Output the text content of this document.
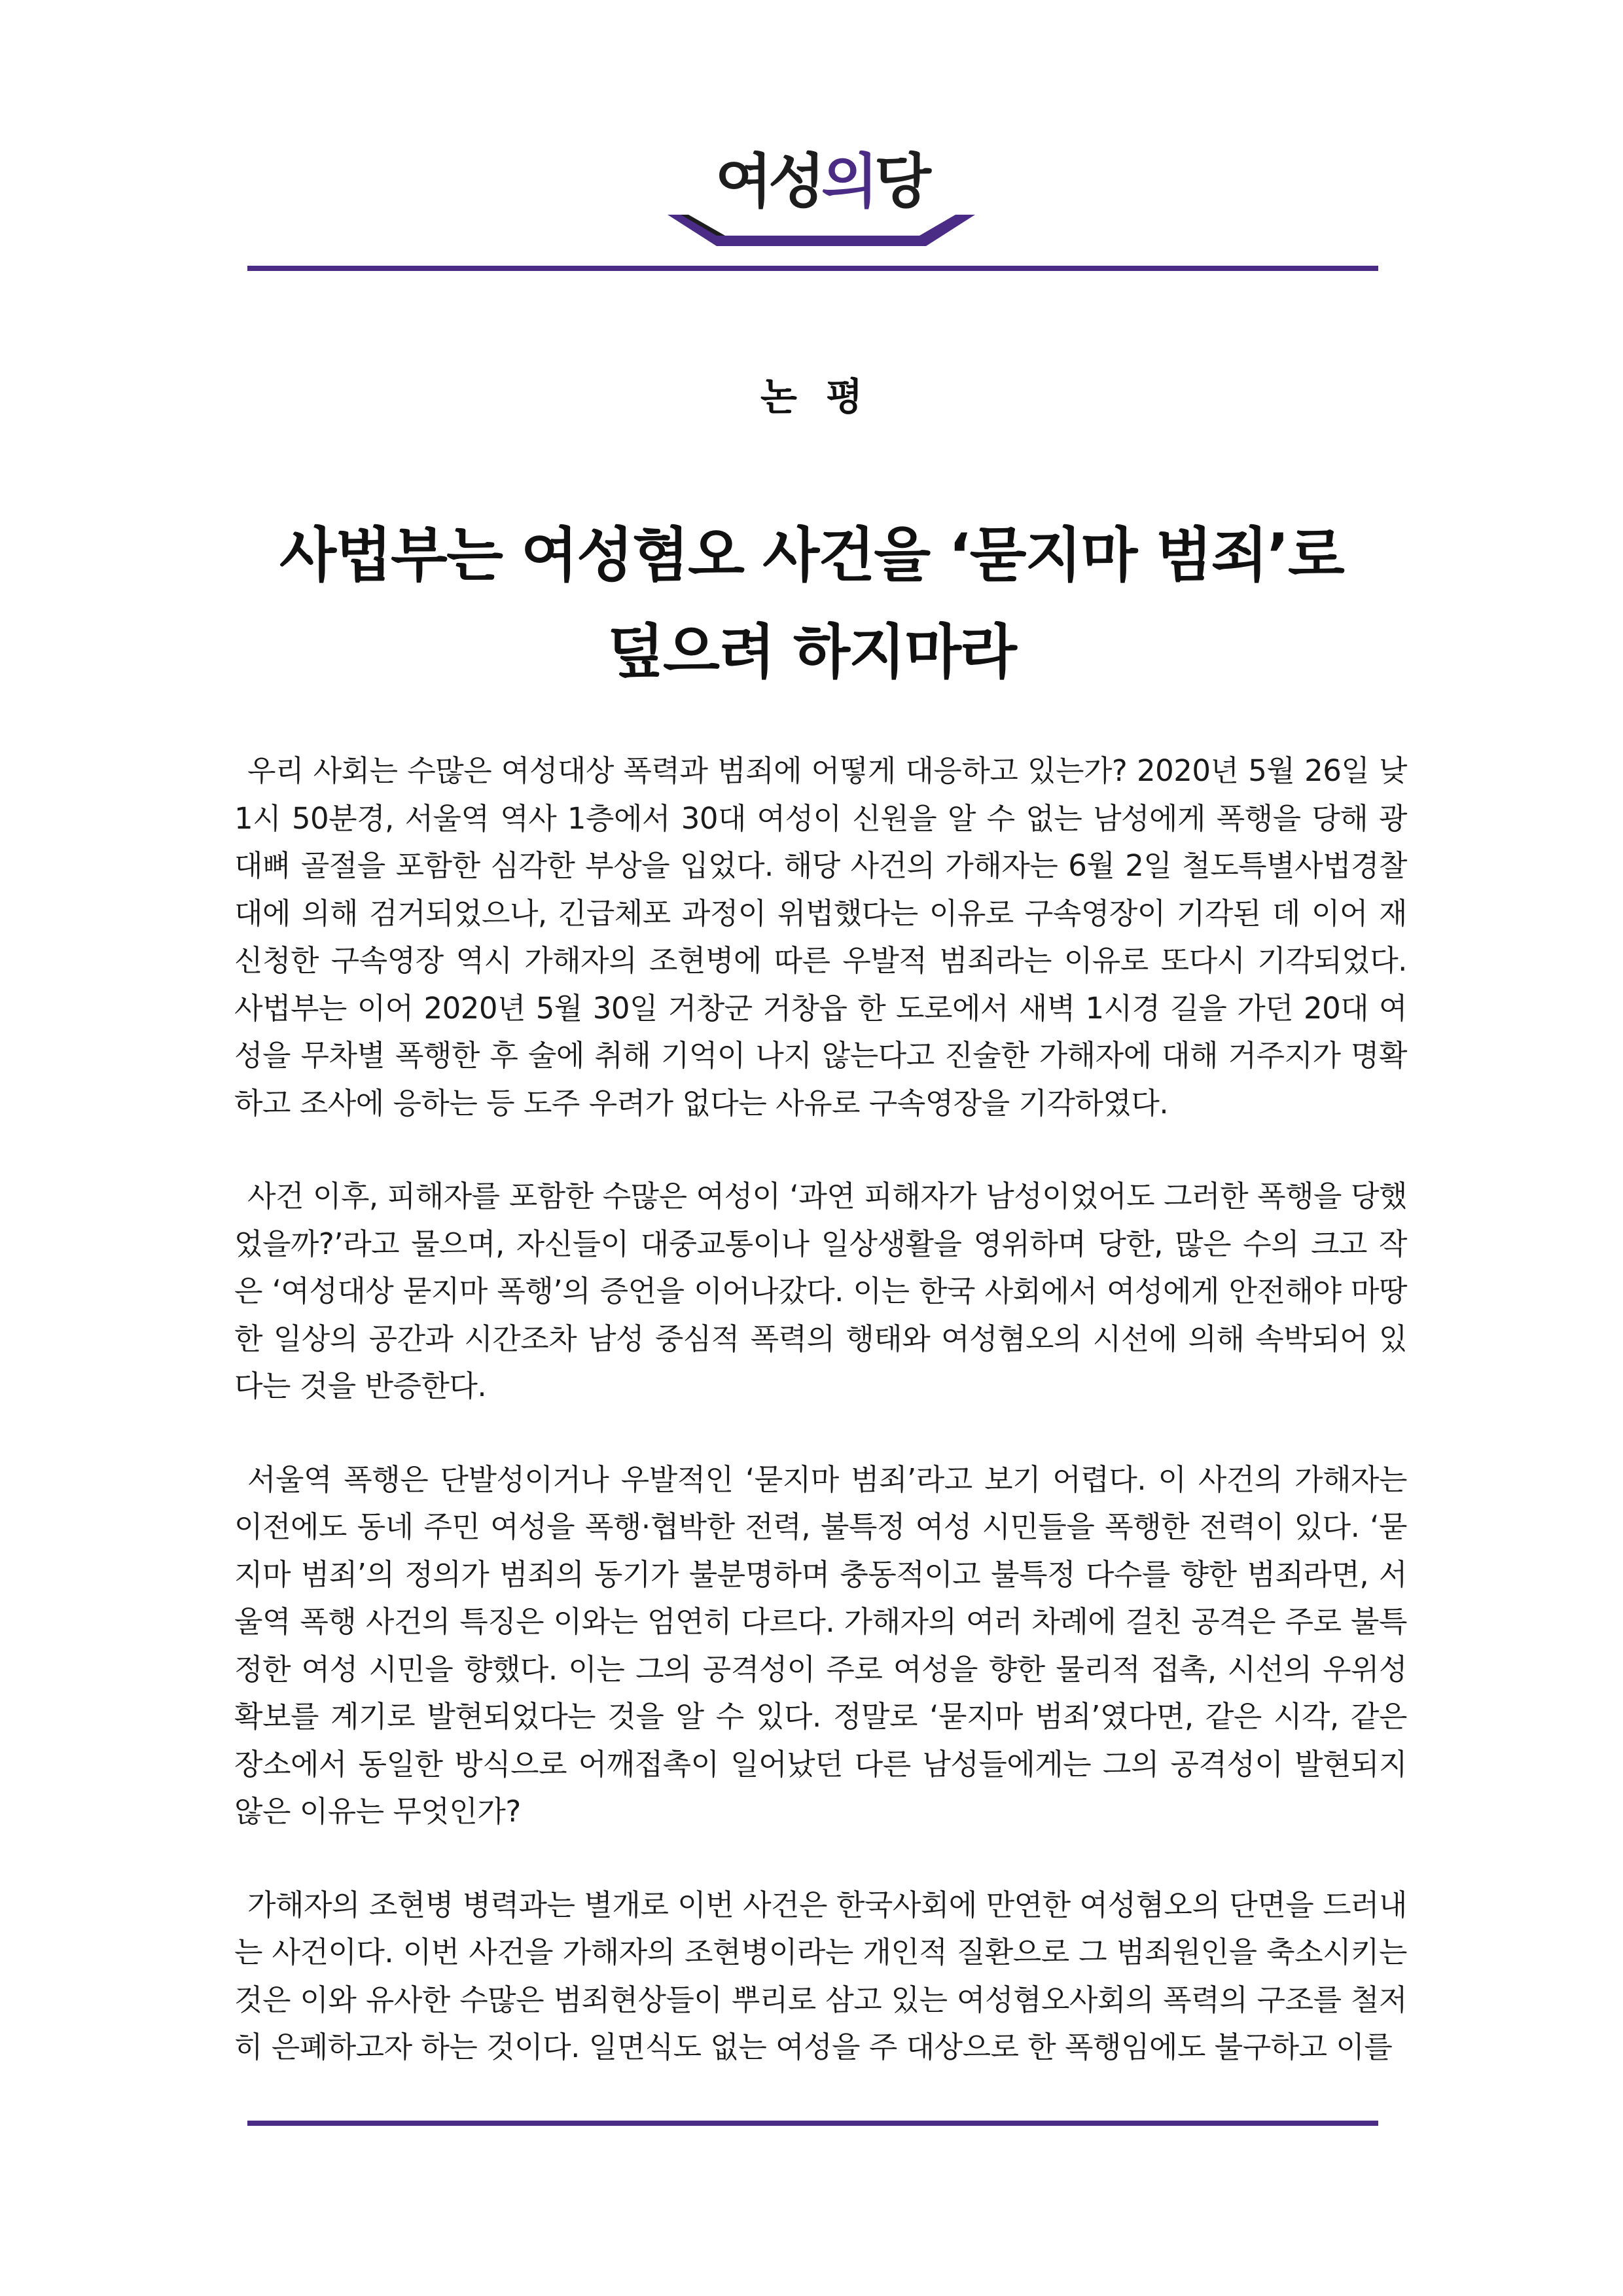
여성의당
논 평
사법부는 여성혐오 사건을 ‘묻지마 범죄’로
덮으려 하지마라

우리 사회는 수많은 여성대상 폭력과 범죄에 어떻게 대응하고 있는가? 2020년 5월 26일 낮 1시 50분경, 서울역 역사 1층에서 30대 여성이 신원을 알 수 없는 남성에게 폭행을 당해 광대뼈 골절을 포함한 심각한 부상을 입었다. 해당 사건의 가해자는 6월 2일 철도특별사법경찰대에 의해 검거되었으나, 긴급체포 과정이 위법했다는 이유로 구속영장이 기각된 데 이어 재신청한 구속영장 역시 가해자의 조현병에 따른 우발적 범죄라는 이유로 또다시 기각되었다. 사법부는 이어 2020년 5월 30일 거창군 거창읍 한 도로에서 새벽 1시경 길을 가던 20대 여성을 무차별 폭행한 후 술에 취해 기억이 나지 않는다고 진술한 가해자에 대해 거주지가 명확하고 조사에 응하는 등 도주 우려가 없다는 사유로 구속영장을 기각하였다.

사건 이후, 피해자를 포함한 수많은 여성이 ‘과연 피해자가 남성이었어도 그러한 폭행을 당했었을까?’라고 물으며, 자신들이 대중교통이나 일상생활을 영위하며 당한, 많은 수의 크고 작은 ‘여성대상 묻지마 폭행’의 증언을 이어나갔다. 이는 한국 사회에서 여성에게 안전해야 마땅한 일상의 공간과 시간조차 남성 중심적 폭력의 행태와 여성혐오의 시선에 의해 속박되어 있다는 것을 반증한다.

서울역 폭행은 단발성이거나 우발적인 ‘묻지마 범죄’라고 보기 어렵다. 이 사건의 가해자는 이전에도 동네 주민 여성을 폭행·협박한 전력, 불특정 여성 시민들을 폭행한 전력이 있다. ‘묻지마 범죄’의 정의가 범죄의 동기가 불분명하며 충동적이고 불특정 다수를 향한 범죄라면, 서울역 폭행 사건의 특징은 이와는 엄연히 다르다. 가해자의 여러 차례에 걸친 공격은 주로 불특정한 여성 시민을 향했다. 이는 그의 공격성이 주로 여성을 향한 물리적 접촉, 시선의 우위성 확보를 계기로 발현되었다는 것을 알 수 있다. 정말로 ‘묻지마 범죄’였다면, 같은 시각, 같은 장소에서 동일한 방식으로 어깨접촉이 일어났던 다른 남성들에게는 그의 공격성이 발현되지 않은 이유는 무엇인가?

가해자의 조현병 병력과는 별개로 이번 사건은 한국사회에 만연한 여성혐오의 단면을 드러내는 사건이다. 이번 사건을 가해자의 조현병이라는 개인적 질환으로 그 범죄원인을 축소시키는 것은 이와 유사한 수많은 범죄현상들이 뿌리로 삼고 있는 여성혐오사회의 폭력의 구조를 철저히 은폐하고자 하는 것이다. 일면식도 없는 여성을 주 대상으로 한 폭행임에도 불구하고 이를
